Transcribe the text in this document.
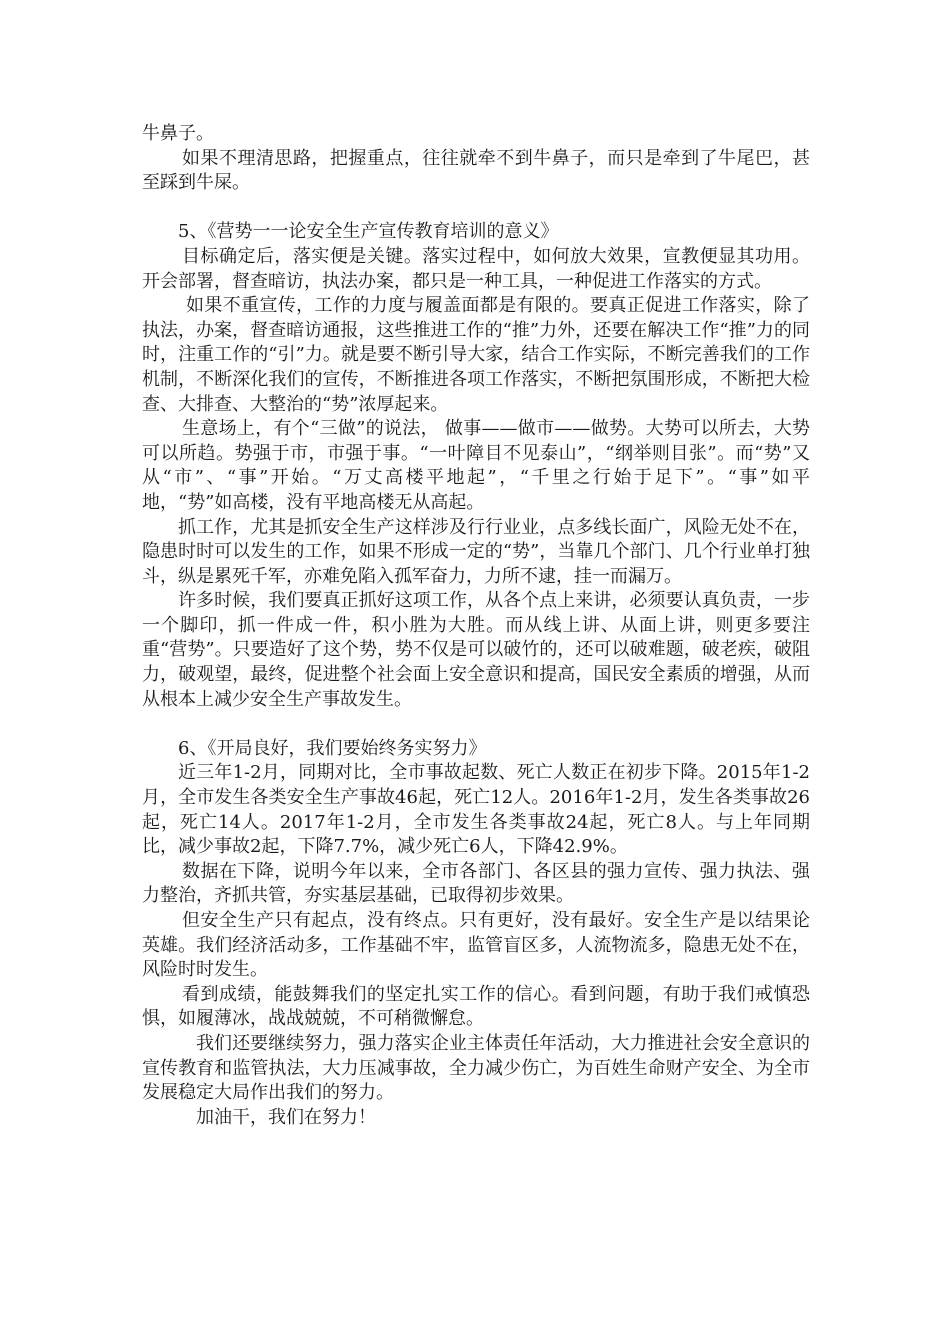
牛鼻子。

如果不理清思路，把握重点，往往就牵不到牛鼻子，而只是牵到了牛尾巴，甚至踩到牛屎。

5、《营势一一论安全生产宣传教育培训的意义》

目标确定后，落实便是关键。落实过程中，如何放大效果，宣教便显其功用。开会部署，督查暗访，执法办案，都只是一种工具，一种促进工作落实的方式。

如果不重宣传，工作的力度与履盖面都是有限的。要真正促进工作落实，除了执法，办案，督查暗访通报，这些推进工作的“推”力外，还要在解决工作“推”力的同时，注重工作的“引”力。就是要不断引导大家，结合工作实际，不断完善我们的工作机制，不断深化我们的宣传，不断推进各项工作落实，不断把氛围形成，不断把大检查、大排查、大整治的“势”浓厚起来。

生意场上，有个“三做”的说法， 做事——做市——做势。大势可以所去，大势可以所趋。势强于市，市强于事。“一叶障目不见泰山”，“纲举则目张”。而“势”又从“市”、“事”开始。“万丈高楼平地起”，“千里之行始于足下”。“事”如平地，“势”如高楼，没有平地高楼无从高起。

抓工作，尤其是抓安全生产这样涉及行行业业，点多线长面广，风险无处不在，隐患时时可以发生的工作，如果不形成一定的“势”，当靠几个部门、几个行业单打独斗，纵是累死千军，亦难免陷入孤军奋力，力所不逮，挂一而漏万。

许多时候，我们要真正抓好这项工作，从各个点上来讲，必须要认真负责，一步一个脚印，抓一件成一件，积小胜为大胜。而从线上讲、从面上讲，则更多要注重“营势”。只要造好了这个势，势不仅是可以破竹的，还可以破难题，破老疾，破阻力，破观望，最终，促进整个社会面上安全意识和提高，国民安全素质的增强，从而从根本上减少安全生产事故发生。

6、《开局良好，我们要始终务实努力》

近三年1-2月，同期对比，全市事故起数、死亡人数正在初步下降。2015年1-2月，全市发生各类安全生产事故46起，死亡12人。2016年1-2月，发生各类事故26起，死亡14人。2017年1-2月，全市发生各类事故24起，死亡8人。与上年同期比，减少事故2起，下降7.7%，减少死亡6人，下降42.9%。

数据在下降，说明今年以来，全市各部门、各区县的强力宣传、强力执法、强力整治，齐抓共管，夯实基层基础，已取得初步效果。

但安全生产只有起点，没有终点。只有更好，没有最好。安全生产是以结果论英雄。我们经济活动多，工作基础不牢，监管盲区多，人流物流多，隐患无处不在，风险时时发生。

看到成绩，能鼓舞我们的坚定扎实工作的信心。看到问题，有助于我们戒慎恐惧，如履薄冰，战战兢兢，不可稍微懈怠。

我们还要继续努力，强力落实企业主体责任年活动，大力推进社会安全意识的宣传教育和监管执法，大力压减事故，全力减少伤亡，为百姓生命财产安全、为全市发展稳定大局作出我们的努力。

加油干，我们在努力！
